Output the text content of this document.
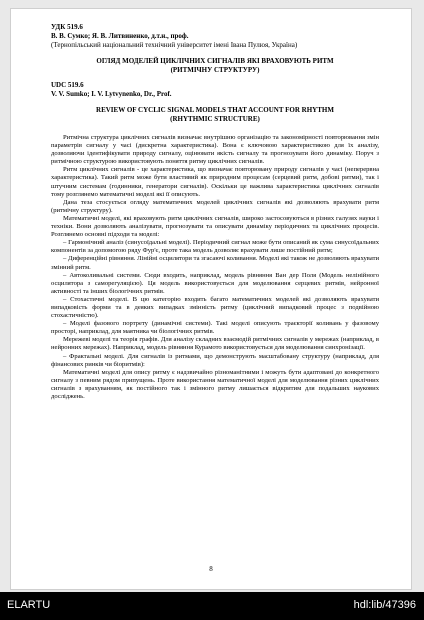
УДК 519.6
В. В. Сумко; Я. В. Литвиненко, д.т.н., проф.
(Тернопільський національний технічний університет імені Івана Пулюя, Україна)
ОГЛЯД МОДЕЛЕЙ ЦИКЛІЧНИХ СИГНАЛІВ ЯКІ ВРАХОВУЮТЬ РИТМ
(РИТМІЧНУ СТРУКТУРУ)
UDC 519.6
V. V. Sumko; I. V. Lytvynenko, Dr., Prof.
REVIEW OF CYCLIC SIGNAL MODELS THAT ACCOUNT FOR RHYTHM
(RHYTHMIC STRUCTURE)

Ритмічна структура циклічних сигналів визначає внутрішню організацію та закономірності повторювання змін параметрів сигналу у часі (дискретна характеристика). Вона є ключовою характеристикою для їх аналізу, дозволяючи ідентифікувати природу сигналу, оцінювати якість сигналу та прогнозувати його динаміку. Поруч з ритмічною структурою використовують поняття ритму циклічних сигналів.

Ритм циклічних сигналів - це характеристика, що визначає повторювану природу сигналів у часі (неперервна характеристика). Такий ритм може бути властивий як природним процесам (серцевий ритм, добові ритми), так і штучним системам (годинники, генератори сигналів). Оскільки це важлива характеристика циклічних сигналів тому розглянемо математичні моделі які її описують.

Дана теза стосується огляду математичних моделей циклічних сигналів які дозволяють врахувати ритм (ритмічну структуру).

Математичні моделі, які враховують ритм циклічних сигналів, широко застосовуються в різних галузях науки і техніки. Вони дозволяють аналізувати, прогнозувати та описувати динаміку періодичних та циклічних процесів. Розглянемо основні підходи та моделі:

– Гармонічний аналіз (синусоїдальні моделі). Періодичний сигнал може бути описаний як сума синусоїдальних компонентів за допомогою ряду Фур'є, проте така модель дозволяє врахувати лише постійний ритм;

– Диференційні рівняння. Лінійні осцилятори та згасаючі коливання. Моделі які також не дозволяють врахувати змінний ритм.

– Автоколивальні системи. Сюди входить, наприклад, модель рівняння Ван дер Поля (Модель нелінійного осцилятора з саморегуляцією). Ця модель використовується для моделювання серцевих ритмів, нейронної активності та інших біологічних ритмів.

– Стохастичні моделі. В цю категорію входить багато математичних моделей які дозволяють врахувати випадковість форми та в деяких випадках змінність ритму (циклічний випадковий процес з подвійною стохастичністю).

– Моделі фазового портрету (динамічні системи). Такі моделі описують траєкторії коливань у фазовому просторі, наприклад, для маятника чи біологічних ритмів.

Мережеві моделі та теорія графів. Для аналізу складних взаємодій ритмічних сигналів у мережах (наприклад, в нейронних мережах). Наприклад, модель рівняння Курамото використовується для моделювання синхронізації.

– Фрактальні моделі. Для сигналів із ритмами, що демонструють масштабовану структуру (наприклад, для фінансових ринків чи біоритмів):

Математичні моделі для опису ритму є надзвичайно різноманітними і можуть бути адаптовані до конкретного сигналу з певним рядом припущень. Проте використання математичної моделі для моделювання різних циклічних сигналів з врахуванням, як постійного так і змінного ритму лишається відкритим для подальших наукових досліджень.

8
ELARTU	hdl:lib/47396
